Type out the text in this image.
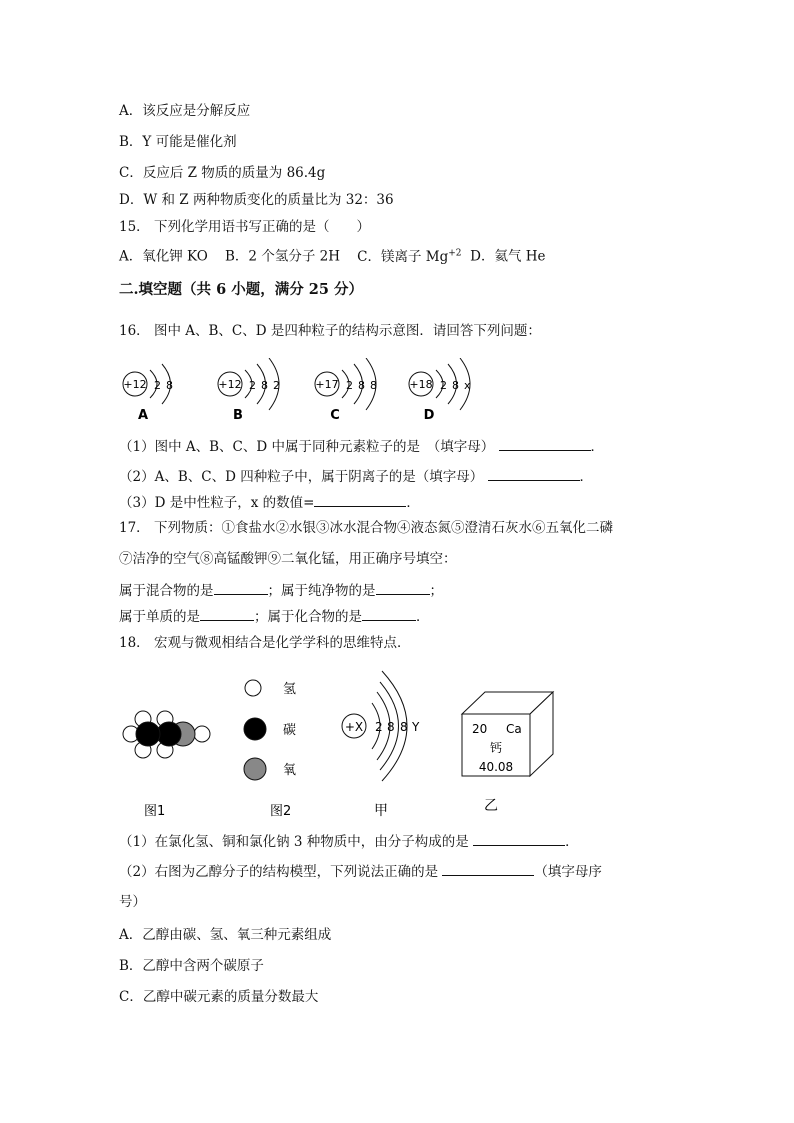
A．该反应是分解反应
B．Y 可能是催化剂
C．反应后 Z 物质的质量为 86.4g
D．W 和 Z 两种物质变化的质量比为 32：36
15． 下列化学用语书写正确的是（　　）
A．氧化钾 KO B．2 个氢分子 2H C．镁离子 $Mg^{+2}$ D．氦气 He
二.填空题（共 6 小题，满分 25 分）
16． 图中 A、B、C、D 是四种粒子的结构示意图．请回答下列问题：
+12 2 8
A
+12 2 8 2
B
+17 2 8 8
C
+18 2 8 x
D
（1）图中 A、B、C、D 中属于同种元素粒子的是　（填字母）	．
（2）A、B、C、D 四种粒子中，属于阴离子的是（填字母）	．
（3）D 是中性粒子，x 的数值=	．
17． 下列物质：①食盐水②水银③冰水混合物④液态氮⑤澄清石灰水⑥五氧化二磷
⑦洁净的空气⑧高锰酸钾⑨二氧化锰，用正确序号填空：
属于混合物的是	；属于纯净物的是	；
属于单质的是	；属于化合物的是	．
18． 宏观与微观相结合是化学学科的思维特点．
图1
氢
碳
氧
图2
+X 2 8 8 Y
甲
20 Ca
钙
40.08
乙
（1）在氯化氢、铜和氯化钠 3 种物质中，由分子构成的是	．
（2）右图为乙醇分子的结构模型，下列说法正确的是	（填字母序
号）
A．乙醇由碳、氢、氧三种元素组成
B．乙醇中含两个碳原子
C．乙醇中碳元素的质量分数最大
